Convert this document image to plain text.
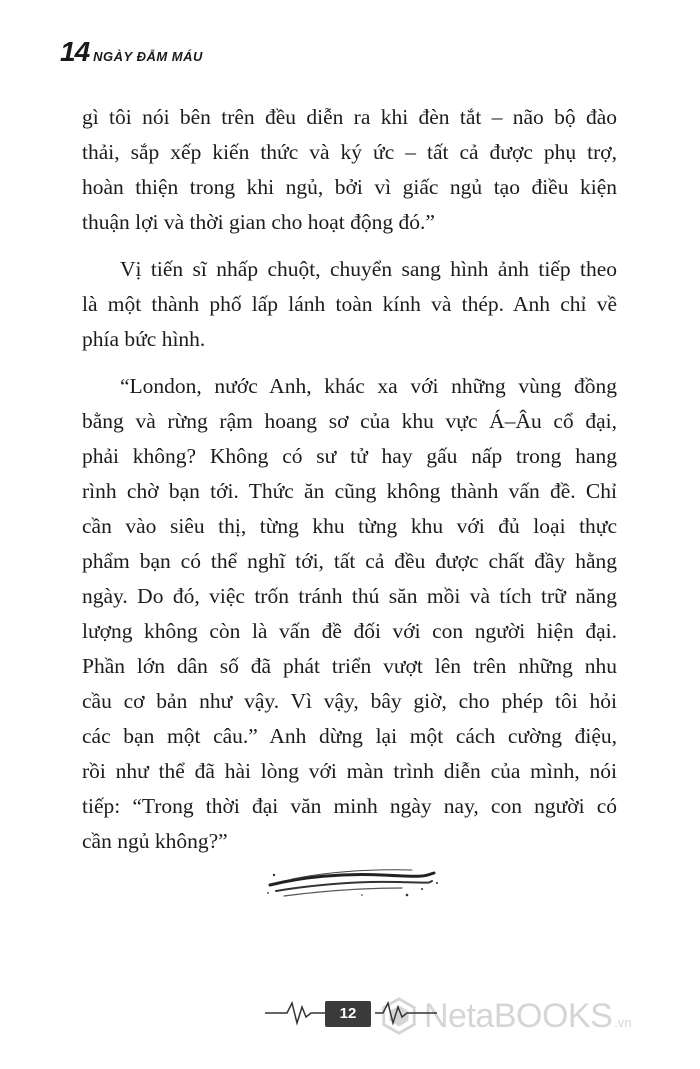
14 NGÀY ĐẪM MÁU

gì tôi nói bên trên đều diễn ra khi đèn tắt – não bộ đào
thải, sắp xếp kiến thức và ký ức – tất cả được phụ trợ,
hoàn thiện trong khi ngủ, bởi vì giấc ngủ tạo điều kiện
thuận lợi và thời gian cho hoạt động đó.”

Vị tiến sĩ nhấp chuột, chuyển sang hình ảnh tiếp theo
là một thành phố lấp lánh toàn kính và thép. Anh chỉ về
phía bức hình.

“London, nước Anh, khác xa với những vùng đồng
bằng và rừng rậm hoang sơ của khu vực Á–Âu cổ đại,
phải không? Không có sư tử hay gấu nấp trong hang
rình chờ bạn tới. Thức ăn cũng không thành vấn đề. Chỉ
cần vào siêu thị, từng khu từng khu với đủ loại thực
phẩm bạn có thể nghĩ tới, tất cả đều được chất đầy hằng
ngày. Do đó, việc trốn tránh thú săn mồi và tích trữ năng
lượng không còn là vấn đề đối với con người hiện đại.
Phần lớn dân số đã phát triển vượt lên trên những nhu
cầu cơ bản như vậy. Vì vậy, bây giờ, cho phép tôi hỏi
các bạn một câu.” Anh dừng lại một cách cường điệu,
rồi như thể đã hài lòng với màn trình diễn của mình, nói
tiếp: “Trong thời đại văn minh ngày nay, con người có
cần ngủ không?”

12	NetaBOOKS .vn
